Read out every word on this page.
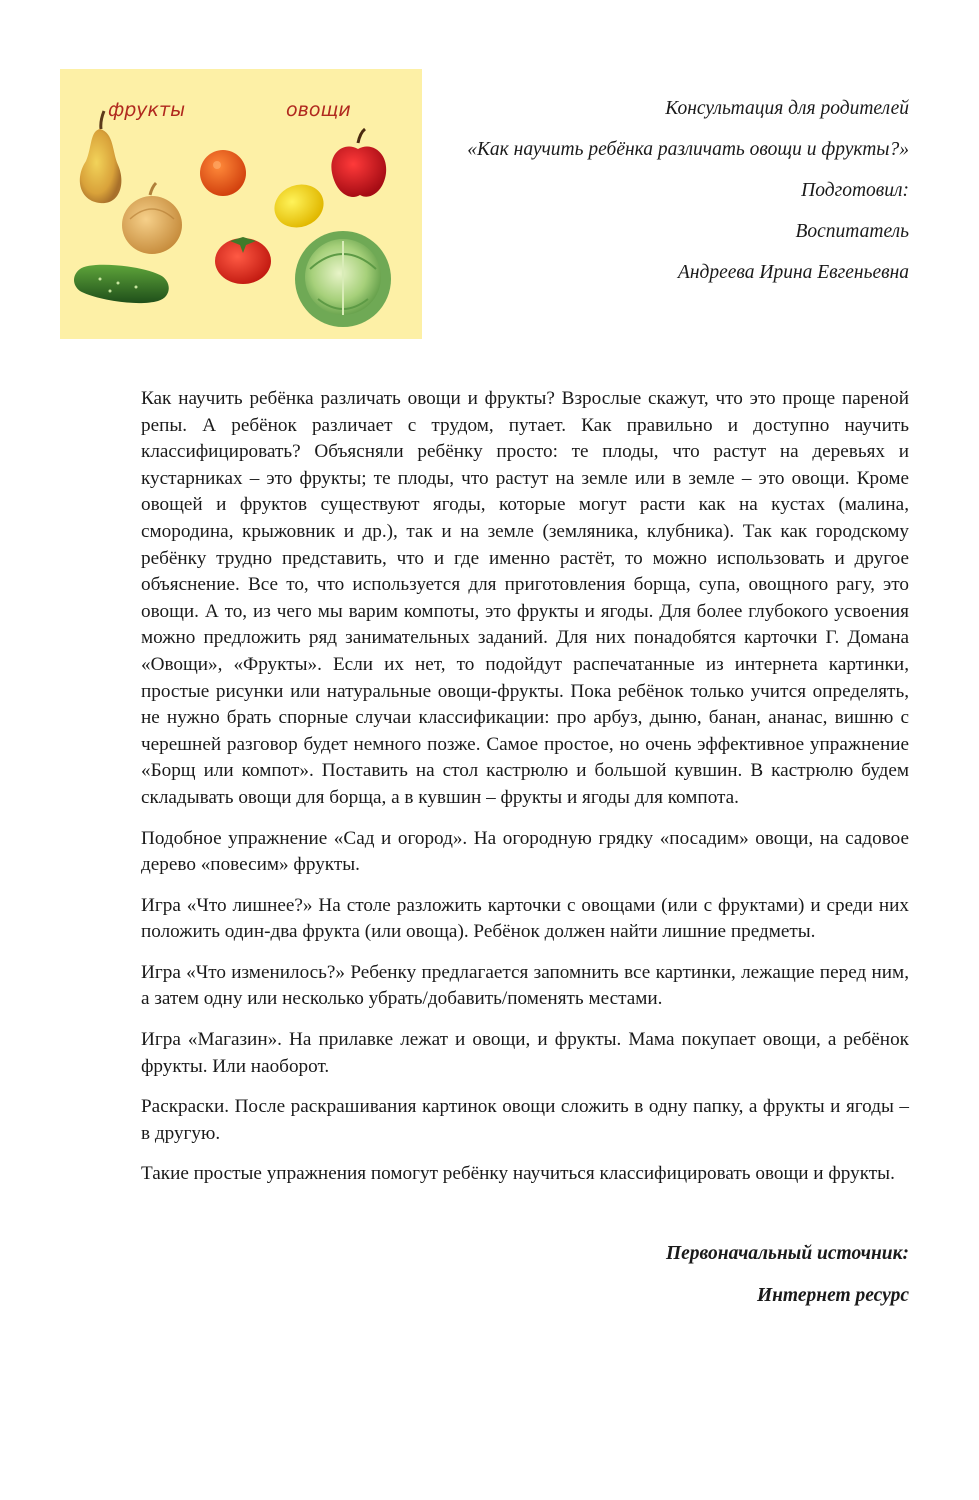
фрукты	овощи	Консультация для родителей

«Как научить ребёнка различать овощи и фрукты?»

Подготовил:

Воспитатель

Андреева Ирина Евгеньевна

Как научить ребёнка различать овощи и фрукты? Взрослые скажут, что это проще пареной репы. А ребёнок различает с трудом, путает. Как правильно и доступно научить классифицировать? Объясняли ребёнку просто: те плоды, что растут на деревьях и кустарниках – это фрукты; те плоды, что растут на земле или в земле – это овощи. Кроме овощей и фруктов существуют ягоды, которые могут расти как на кустах (малина, смородина, крыжовник и др.), так и на земле (земляника, клубника). Так как городскому ребёнку трудно представить, что и где именно растёт, то можно использовать и другое объяснение. Все то, что используется для приготовления борща, супа, овощного рагу, это овощи. А то, из чего мы варим компоты, это фрукты и ягоды. Для более глубокого усвоения можно предложить ряд занимательных заданий. Для них понадобятся карточки Г. Домана «Овощи», «Фрукты». Если их нет, то подойдут распечатанные из интернета картинки, простые рисунки или натуральные овощи-фрукты. Пока ребёнок только учится определять, не нужно брать спорные случаи классификации: про арбуз, дыню, банан, ананас, вишню с черешней разговор будет немного позже. Самое простое, но очень эффективное упражнение «Борщ или компот». Поставить на стол кастрюлю и большой кувшин. В кастрюлю будем складывать овощи для борща, а в кувшин – фрукты и ягоды для компота.

Подобное упражнение «Сад и огород». На огородную грядку «посадим» овощи, на садовое дерево «повесим» фрукты.

Игра «Что лишнее?» На столе разложить карточки с овощами (или с фруктами) и среди них положить один-два фрукта (или овоща). Ребёнок должен найти лишние предметы.

Игра «Что изменилось?» Ребенку предлагается запомнить все картинки, лежащие перед ним, а затем одну или несколько убрать/добавить/поменять местами.

Игра «Магазин». На прилавке лежат и овощи, и фрукты. Мама покупает овощи, а ребёнок фрукты. Или наоборот.

Раскраски. После раскрашивания картинок овощи сложить в одну папку, а фрукты и ягоды – в другую.

Такие простые упражнения помогут ребёнку научиться классифицировать овощи и фрукты.

Первоначальный источник:

Интернет ресурс
